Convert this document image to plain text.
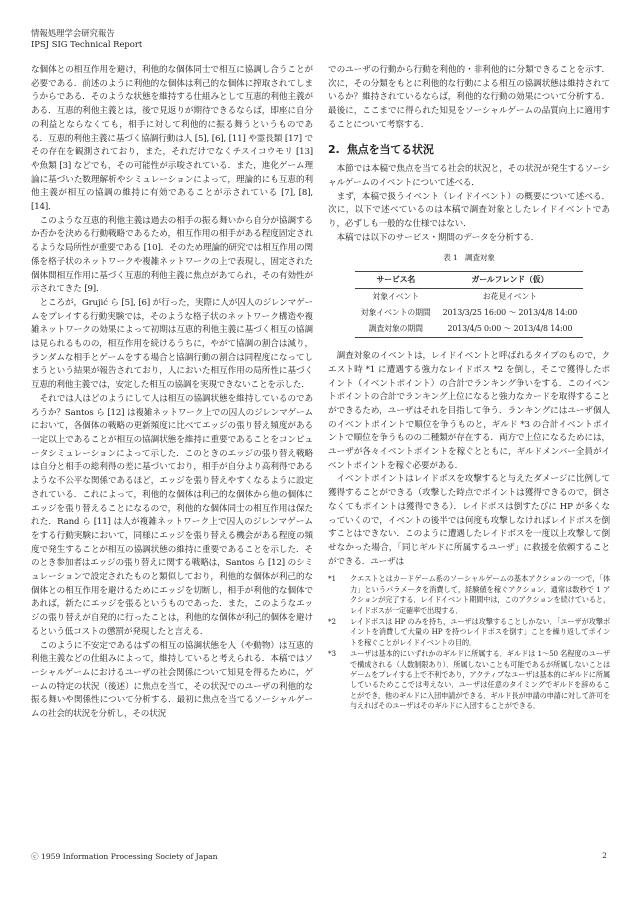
情報処理学会研究報告
IPSJ SIG Technical Report

な個体との相互作用を避け，利他的な個体同士で相互に協調し合うことが必要である．前述のように利他的な個体は利己的な個体に搾取されてしまうからである．そのような状態を維持する仕組みとして互恵的利他主義がある．互恵的利他主義とは，後で見返りが期待できるならば，即座に自分の利益とならなくても，相手に対して利他的に振る舞うというものである．互恵的利他主義に基づく協調行動は人 [5], [6], [11] や霊長類 [17] でその存在を観測されており，また，それだけでなくチスイコウモリ [13] や魚類 [3] などでも，その可能性が示唆されている．また，進化ゲーム理論に基づいた数理解析やシミュレーションによって，理論的にも互恵的利他主義が相互の協調の維持に有効であることが示されている [7], [8], [14]．

このような互恵的利他主義は過去の相手の振る舞いから自分が協調するか否かを決める行動戦略であるため，相互作用の相手がある程度固定されるような局所性が重要である [10]．そのため理論的研究では相互作用の関係を格子状のネットワークや複雑ネットワークの上で表現し，固定された個体間相互作用に基づく互恵的利他主義に焦点があてられ，その有効性が示されてきた [9]．

ところが，Grujić ら [5], [6] が行った，実際に人が囚人のジレンマゲームをプレイする行動実験では，そのような格子状のネットワーク構造や複雑ネットワークの効果によって初期は互恵的利他主義に基づく相互の協調は見られるものの，相互作用を続けるうちに，やがて協調の割合は減り，ランダムな相手とゲームをする場合と協調行動の割合は同程度になってしまうという結果が報告されており，人においた相互作用の局所性に基づく互恵的利他主義では，安定した相互の協調を実現できないことを示した．

それでは人はどのようにして人は相互の協調状態を維持しているのであろうか？Santos ら [12] は複雑ネットワーク上での囚人のジレンマゲームにおいて，各個体の戦略の更新頻度に比べてエッジの張り替え頻度がある一定以上であることが相互の協調状態を維持に重要であることをコンピュータシミュレーションによって示した．このときのエッジの張り替え戦略は自分と相手の総利得の差に基づいており，相手が自分より高利得であるような不公平な関係であるほど，エッジを張り替えやすくなるように設定されている．これによって，利他的な個体は利己的な個体から他の個体にエッジを張り替えることになるので，利他的な個体同士の相互作用は保たれた．Rand ら [11] は人が複雑ネットワーク上で囚人のジレンマゲームをする行動実験において，同様にエッジを張り替える機会がある程度の頻度で発生することが相互の協調状態の維持に重要であることを示した．そのとき参加者はエッジの張り替えに関する戦略は，Santos ら [12] のシミュレーションで設定されたものと類似しており，利他的な個体が利己的な個体との相互作用を避けるためにエッジを切断し，相手が利他的な個体であれば，新たにエッジを張るというものであった．また，このようなエッジの張り替えが自発的に行ったことは，利他的な個体が利己的個体を避けるという低コストの懲罰が発現したと言える．

このように不安定であるはずの相互の協調状態を人（や動物）は互恵的利他主義などの仕組みによって，維持していると考えられる．本稿ではソーシャルゲームにおけるユーザの社会関係について知見を得るために，ゲームの特定の状況（後述）に焦点を当て，その状況でのユーザの利他的な振る舞いや関係性について分析する．最初に焦点を当てるソーシャルゲームの社会的状況を分析し，その状況

でのユーザの行動から行動を利他的・非利他的に分類できることを示す．次に，その分類をもとに利他的な行動による相互の協調状態は維持されているか？維持されているならば，利他的な行動の効果について分析する．最後に，ここまでに得られた知見をソーシャルゲームの品質向上に適用することについて考察する．

2. 焦点を当てる状況

本節では本稿で焦点を当てる社会的状況と，その状況が発生するソーシャルゲームのイベントについて述べる．

まず，本稿で扱うイベント（レイドイベント）の概要について述べる．次に，以下で述べているのは本稿で調査対象としたレイドイベントであり，必ずしも一般的な仕様ではない．

本稿では以下のサービス・期間のデータを分析する．

表 1　調査対象
サービス名	ガールフレンド（仮）
対象イベント	お花見イベント
対象イベントの期間	2013/3/25 16:00 〜 2013/4/8 14:00
調査対象の期間	2013/4/5 0:00 〜 2013/4/8 14:00

調査対象のイベントは，レイドイベントと呼ばれるタイプのもので，クエスト時 *1 に遭遇する強力なレイドボス *2 を倒し，そこで獲得したポイント（イベントポイント）の合計でランキング争いをする．このイベントポイントの合計でランキング上位になると強力なカードを取得することができるため，ユーザはそれを目指して争う．ランキングにはユーザ個人のイベントポイントで順位を争うものと，ギルド *3 の合計イベントポイントで順位を争うものの二種類が存在する．両方で上位になるためには，ユーザが各々イベントポイントを稼ぐとともに，ギルドメンバー全員がイベントポイントを稼ぐ必要がある．

イベントポイントはレイドボスを攻撃すると与えたダメージに比例して獲得することができる（攻撃した時点でポイントは獲得できるので，倒さなくてもポイントは獲得できる）．レイドボスは倒すたびに HP が多くなっていくので，イベントの後半では何度も攻撃しなければレイドボスを倒すことはできない．このように遭遇したレイドボスを一度以上攻撃して倒せなかった場合，「同じギルドに所属するユーザ」に救援を依頼することができる．ユーザは

*1	クエストとはカードゲーム系のソーシャルゲームの基本アクションの一つで，「体力」というパラメータを消費して，経験値を稼ぐアクション．通常は数秒で 1 アクションが完了する．レイドイベント期間中は，このアクションを続けていると，レイドボスが一定確率で出現する．
*2	レイドボスは HP のみを持ち，ユーザは攻撃することしかない．「ユーザが攻撃ポイントを消費して大量の HP を持つレイドボスを倒す」ことを繰り返してポイントを稼ぐことがレイドイベントの目的．
*3	ユーザは基本的にいずれかのギルドに所属する．ギルドは 1〜50 名程度のユーザで構成される（人数制限あり）．所属しないことも可能であるが所属しないことはゲームをプレイする上で不利であり，アクティブなユーザは基本的にギルドに所属しているためここでは考えない．ユーザは任意のタイミングでギルドを辞めることができ，他のギルドに入団申請ができる．ギルド長が申請の申請に対して許可を与えればそのユーザはそのギルドに入団することができる．
ⓒ 1959 Information Processing Society of Japan	2
